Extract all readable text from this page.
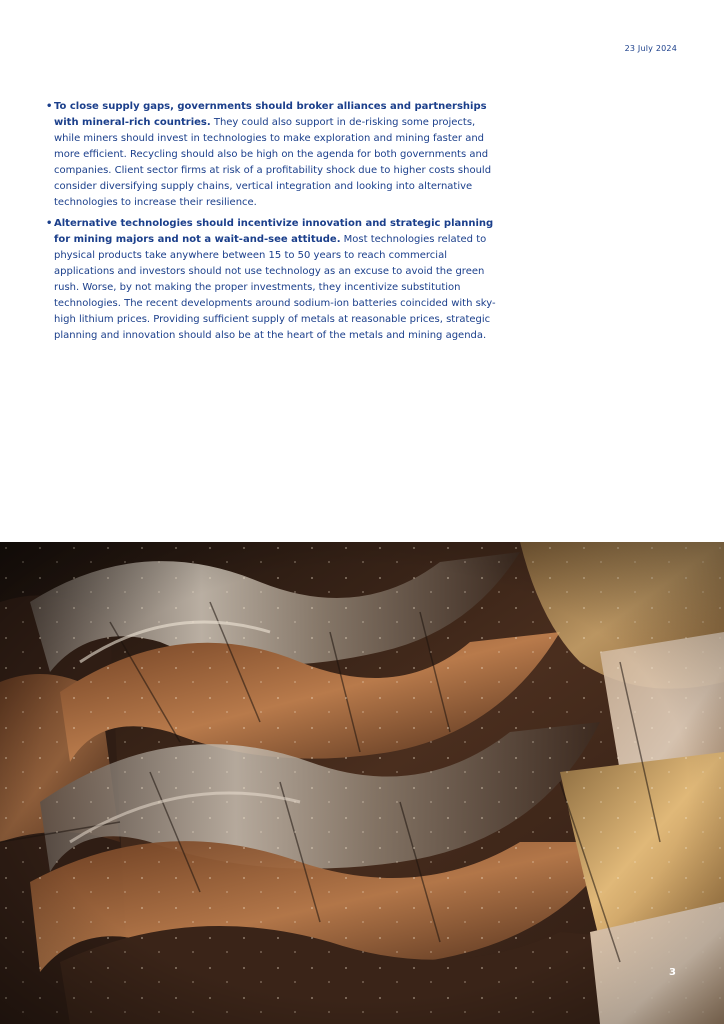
23 July 2024
• To close supply gaps, governments should broker alliances and partnerships with mineral-rich countries. They could also support in de-risking some projects, while miners should invest in technologies to make exploration and mining faster and more efficient. Recycling should also be high on the agenda for both governments and companies. Client sector firms at risk of a profitability shock due to higher costs should consider diversifying supply chains, vertical integration and looking into alternative technologies to increase their resilience.
• Alternative technologies should incentivize innovation and strategic planning for mining majors and not a wait-and-see attitude. Most technologies related to physical products take anywhere between 15 to 50 years to reach commercial applications and investors should not use technology as an excuse to avoid the green rush. Worse, by not making the proper investments, they incentivize substitution technologies. The recent developments around sodium-ion batteries coincided with sky-high lithium prices. Providing sufficient supply of metals at reasonable prices, strategic planning and innovation should also be at the heart of the metals and mining agenda.
3
